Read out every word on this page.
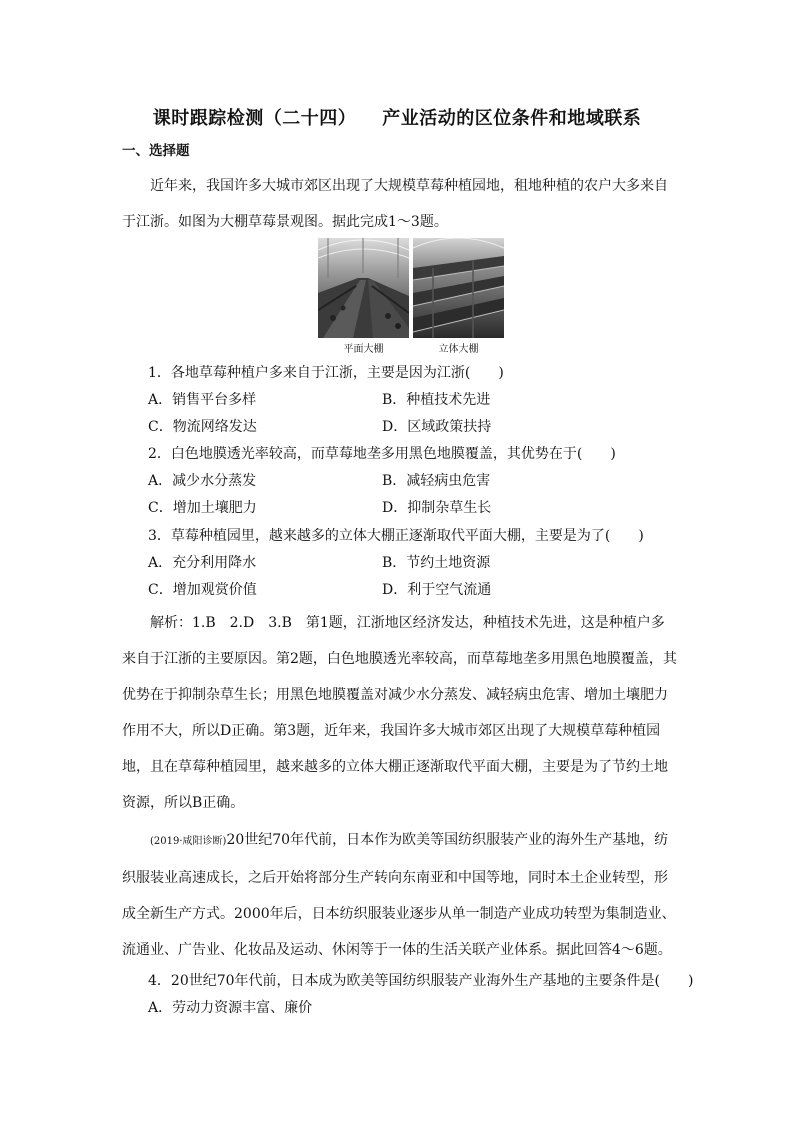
课时跟踪检测（二十四） 产业活动的区位条件和地域联系
一、选择题

近年来，我国许多大城市郊区出现了大规模草莓种植园地，租地种植的农户大多来自于江浙。如图为大棚草莓景观图。据此完成1～3题。

平面大棚	立体大棚
1．各地草莓种植户多来自于江浙，主要是因为江浙(　　)
A．销售平台多样	B．种植技术先进
C．物流网络发达	D．区域政策扶持
2．白色地膜透光率较高，而草莓地垄多用黑色地膜覆盖，其优势在于(　　)
A．减少水分蒸发	B．减轻病虫危害
C．增加土壤肥力	D．抑制杂草生长
3．草莓种植园里，越来越多的立体大棚正逐渐取代平面大棚，主要是为了(　　)
A．充分利用降水	B．节约土地资源
C．增加观赏价值	D．利于空气流通

解析：1.B　2.D　3.B　第1题，江浙地区经济发达，种植技术先进，这是种植户多来自于江浙的主要原因。第2题，白色地膜透光率较高，而草莓地垄多用黑色地膜覆盖，其优势在于抑制杂草生长；用黑色地膜覆盖对减少水分蒸发、减轻病虫危害、增加土壤肥力作用不大，所以D正确。第3题，近年来，我国许多大城市郊区出现了大规模草莓种植园地，且在草莓种植园里，越来越多的立体大棚正逐渐取代平面大棚，主要是为了节约土地资源，所以B正确。

(2019·咸阳诊断)20世纪70年代前，日本作为欧美等国纺织服装产业的海外生产基地，纺织服装业高速成长，之后开始将部分生产转向东南亚和中国等地，同时本土企业转型，形成全新生产方式。2000年后，日本纺织服装业逐步从单一制造产业成功转型为集制造业、流通业、广告业、化妆品及运动、休闲等于一体的生活关联产业体系。据此回答4～6题。

4．20世纪70年代前，日本成为欧美等国纺织服装产业海外生产基地的主要条件是(　　)
A．劳动力资源丰富、廉价
